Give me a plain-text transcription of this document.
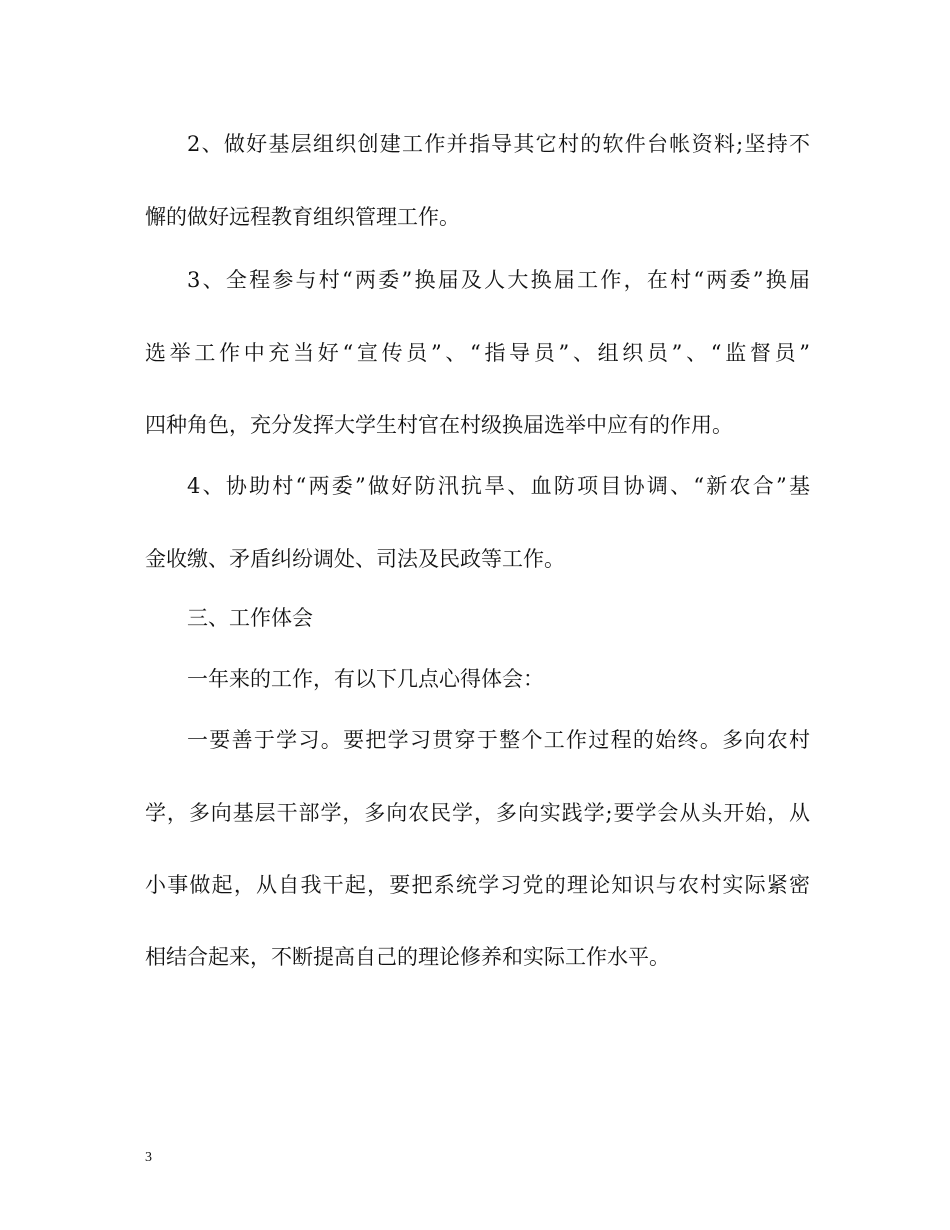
2、做好基层组织创建工作并指导其它村的软件台帐资料;坚持不
懈的做好远程教育组织管理工作。
3、全程参与村“两委”换届及人大换届工作，在村“两委”换届
选举工作中充当好“宣传员”、“指导员”、组织员”、“监督员”
四种角色，充分发挥大学生村官在村级换届选举中应有的作用。
4、协助村“两委”做好防汛抗旱、血防项目协调、“新农合”基
金收缴、矛盾纠纷调处、司法及民政等工作。
三、工作体会
一年来的工作，有以下几点心得体会：
一要善于学习。要把学习贯穿于整个工作过程的始终。多向农村
学，多向基层干部学，多向农民学，多向实践学;要学会从头开始，从
小事做起，从自我干起，要把系统学习党的理论知识与农村实际紧密
相结合起来，不断提高自己的理论修养和实际工作水平。
3
